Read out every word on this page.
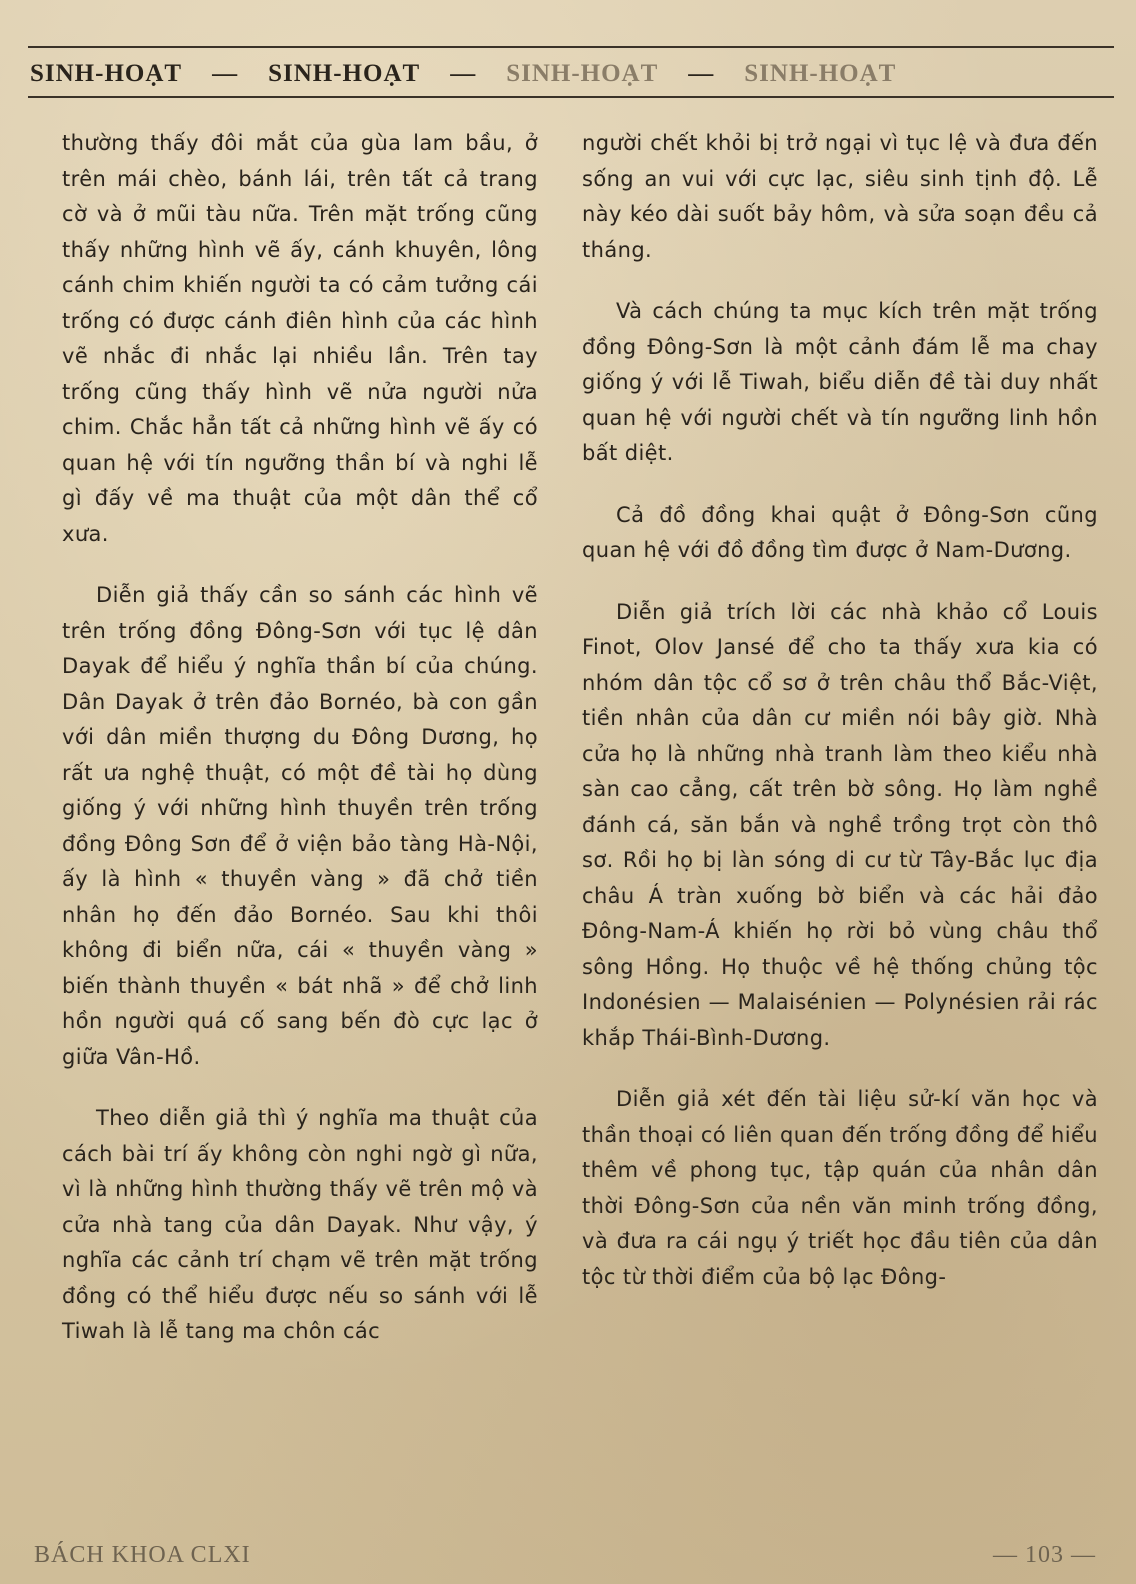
SINH-HOẠT — SINH-HOẠT — SINH-HOẠT — SINH-HOẠT

thường thấy đôi mắt của gùa lam bầu, ở trên mái chèo, bánh lái, trên tất cả trang cờ và ở mũi tàu nữa. Trên mặt trống cũng thấy những hình vẽ ấy, cánh khuyên, lông cánh chim khiến người ta có cảm tưởng cái trống có được cánh điên hình của các hình vẽ nhắc đi nhắc lại nhiều lần. Trên tay trống cũng thấy hình vẽ nửa người nửa chim. Chắc hẳn tất cả những hình vẽ ấy có quan hệ với tín ngưỡng thần bí và nghi lễ gì đấy về ma thuật của một dân thể cổ xưa.

Diễn giả thấy cần so sánh các hình vẽ trên trống đồng Đông-Sơn với tục lệ dân Dayak để hiểu ý nghĩa thần bí của chúng. Dân Dayak ở trên đảo Bornéo, bà con gần với dân miền thượng du Đông Dương, họ rất ưa nghệ thuật, có một đề tài họ dùng giống ý với những hình thuyền trên trống đồng Đông Sơn để ở viện bảo tàng Hà-Nội, ấy là hình « thuyền vàng » đã chở tiền nhân họ đến đảo Bornéo. Sau khi thôi không đi biển nữa, cái « thuyền vàng » biến thành thuyền « bát nhã » để chở linh hồn người quá cố sang bến đò cực lạc ở giữa Vân-Hồ.

Theo diễn giả thì ý nghĩa ma thuật của cách bài trí ấy không còn nghi ngờ gì nữa, vì là những hình thường thấy vẽ trên mộ và cửa nhà tang của dân Dayak. Như vậy, ý nghĩa các cảnh trí chạm vẽ trên mặt trống đồng có thể hiểu được nếu so sánh với lễ Tiwah là lễ tang ma chôn các

người chết khỏi bị trở ngại vì tục lệ và đưa đến sống an vui với cực lạc, siêu sinh tịnh độ. Lễ này kéo dài suốt bảy hôm, và sửa soạn đều cả tháng.

Và cách chúng ta mục kích trên mặt trống đồng Đông-Sơn là một cảnh đám lễ ma chay giống ý với lễ Tiwah, biểu diễn đề tài duy nhất quan hệ với người chết và tín ngưỡng linh hồn bất diệt.

Cả đồ đồng khai quật ở Đông-Sơn cũng quan hệ với đồ đồng tìm được ở Nam-Dương.

Diễn giả trích lời các nhà khảo cổ Louis Finot, Olov Jansé để cho ta thấy xưa kia có nhóm dân tộc cổ sơ ở trên châu thổ Bắc-Việt, tiền nhân của dân cư miền nói bây giờ. Nhà cửa họ là những nhà tranh làm theo kiểu nhà sàn cao cẳng, cất trên bờ sông. Họ làm nghề đánh cá, săn bắn và nghề trồng trọt còn thô sơ. Rồi họ bị làn sóng di cư từ Tây-Bắc lục địa châu Á tràn xuống bờ biển và các hải đảo Đông-Nam-Á khiến họ rời bỏ vùng châu thổ sông Hồng. Họ thuộc về hệ thống chủng tộc Indonésien — Malaisénien — Polynésien rải rác khắp Thái-Bình-Dương.

Diễn giả xét đến tài liệu sử-kí văn học và thần thoại có liên quan đến trống đồng để hiểu thêm về phong tục, tập quán của nhân dân thời Đông-Sơn của nền văn minh trống đồng, và đưa ra cái ngụ ý triết học đầu tiên của dân tộc từ thời điểm của bộ lạc Đông-

BÁCH KHOA CLXI	— 103 —
